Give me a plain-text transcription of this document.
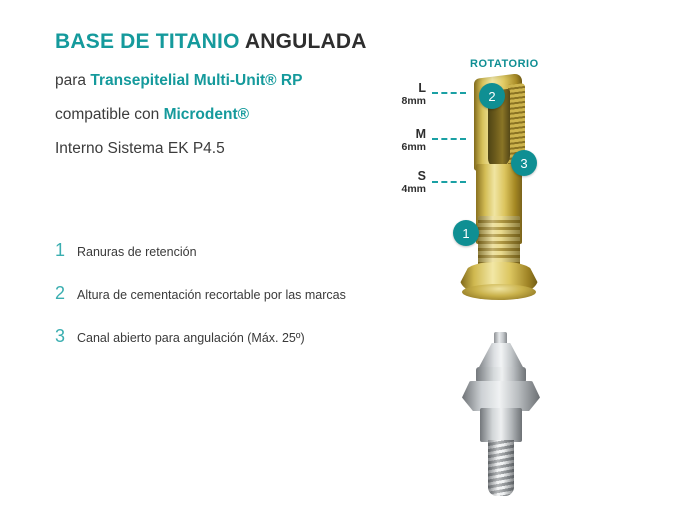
BASE DE TITANIO ANGULADA
para Transepitelial Multi-Unit® RP
compatible con Microdent®
Interno Sistema EK P4.5
1 Ranuras de retención
2 Altura de cementación recortable por las marcas
3 Canal abierto para angulación (Máx. 25º)
ROTATORIO
L
8mm
M
6mm
S
4mm
1
2
3
